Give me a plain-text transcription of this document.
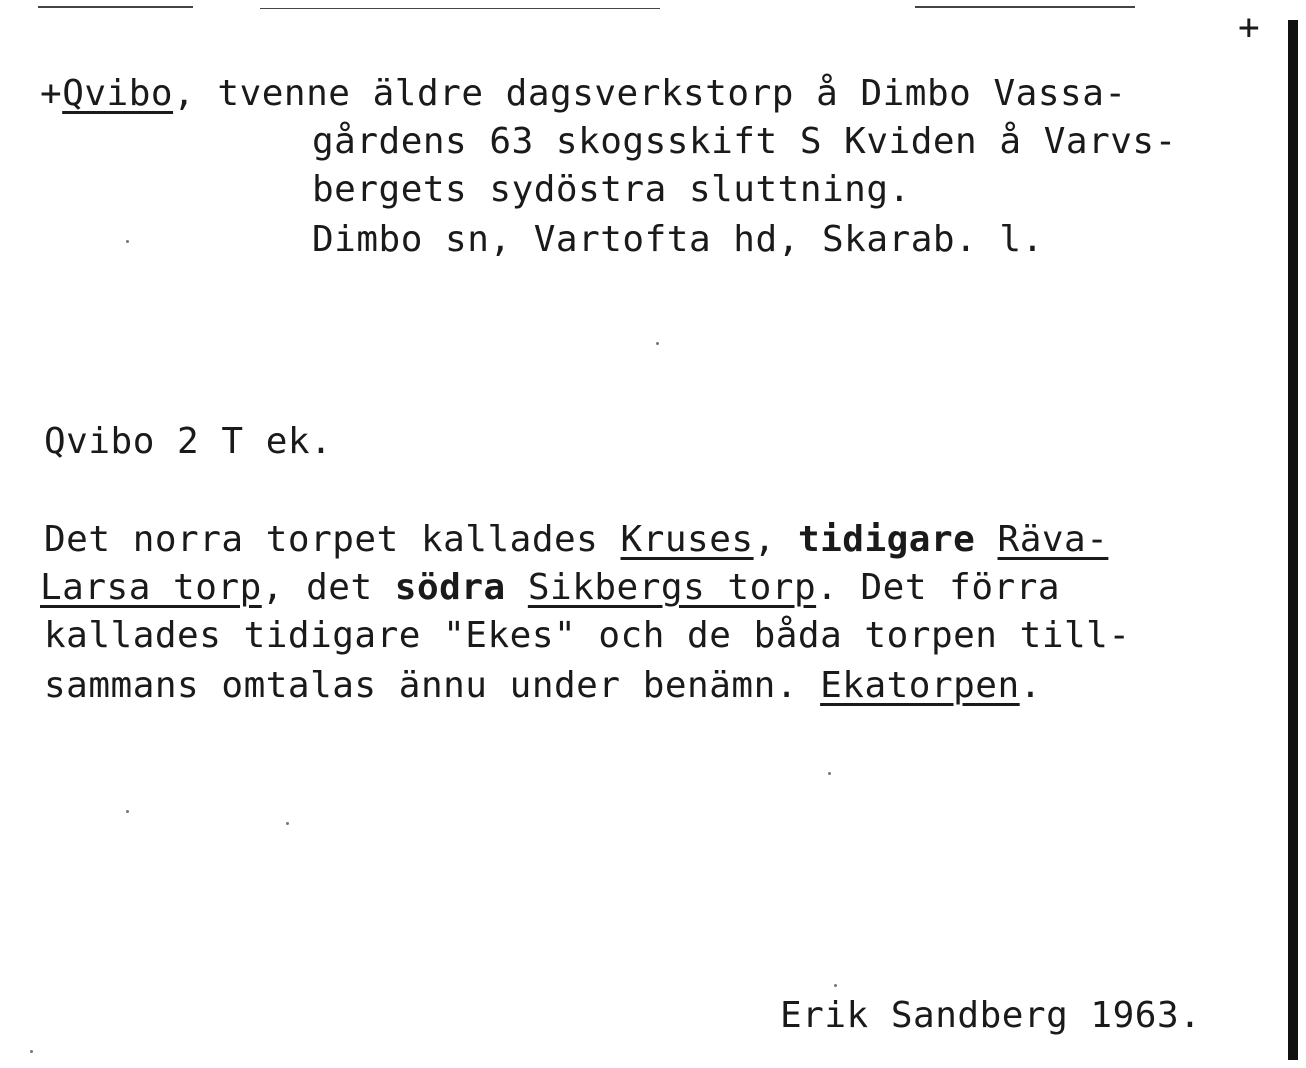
+
+Qvibo, tvenne äldre dagsverkstorp å Dimbo Vassa-
gårdens 63 skogsskift S Kviden å Varvs-
bergets sydöstra sluttning.
Dimbo sn, Vartofta hd, Skarab. l.
Qvibo 2 T ek.
Det norra torpet kallades Kruses, tidigare Räva-
Larsa torp, det södra Sikbergs torp. Det förra
kallades tidigare "Ekes" och de båda torpen till-
sammans omtalas ännu under benämn. Ekatorpen.
Erik Sandberg 1963.
